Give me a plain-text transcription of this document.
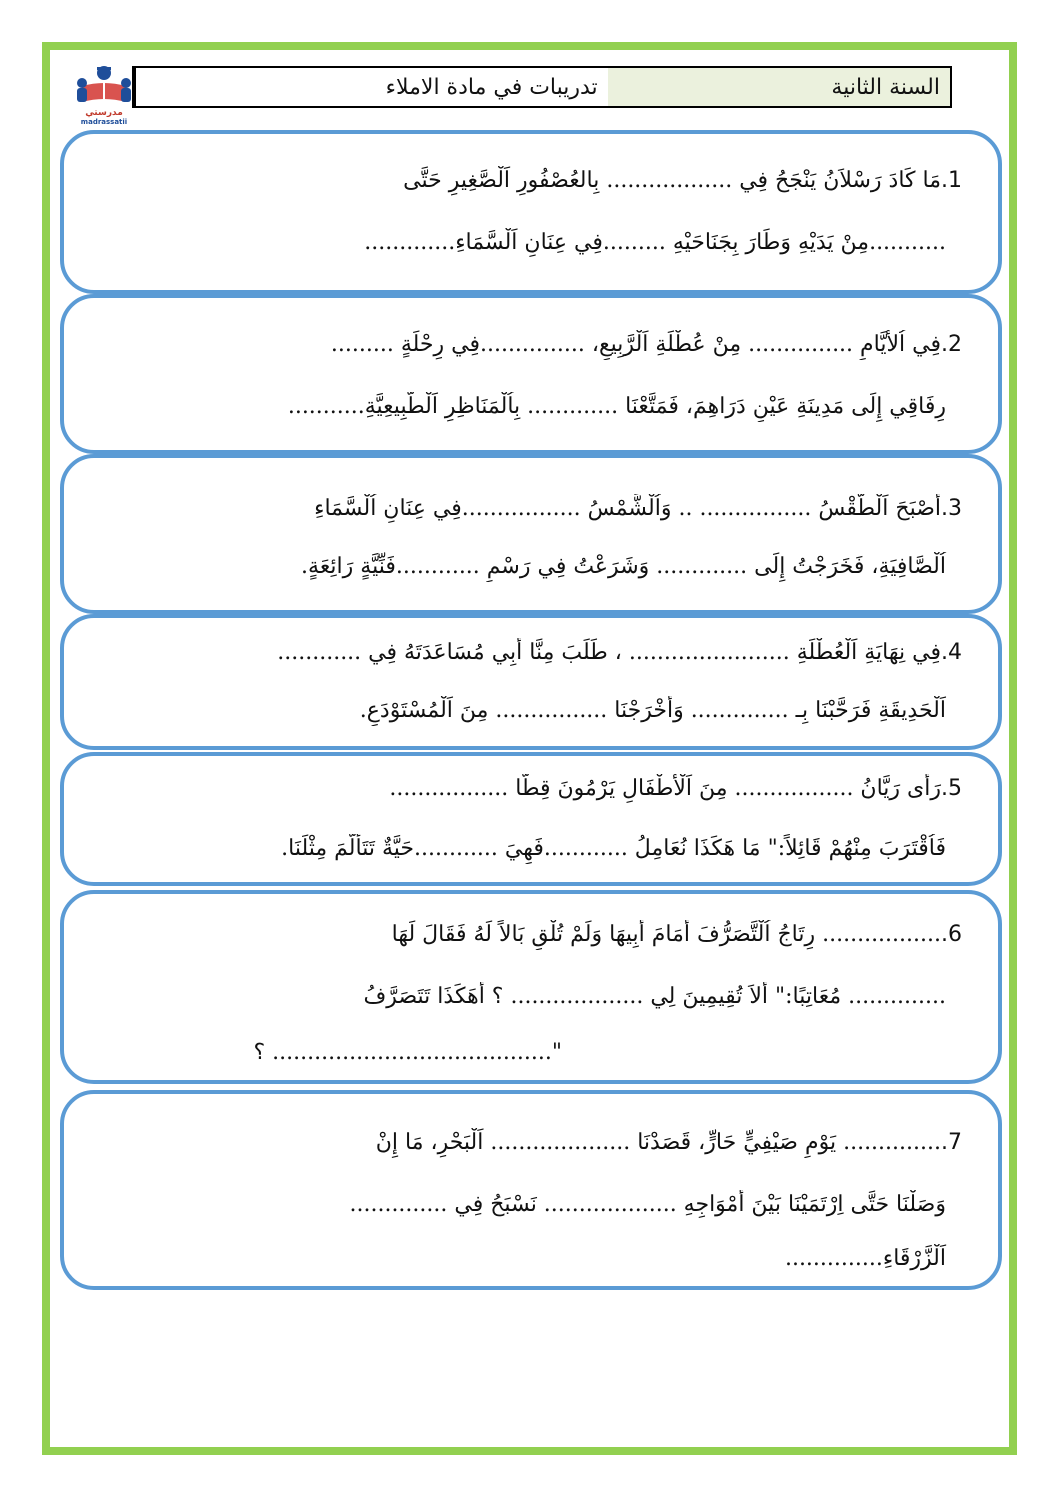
مدرستي
madrassatii
تدريبات في مادة الاملاء	السنة الثانية
1.مَا كَادَ رَسْلاَنُ يَنْجَحُ فِي .................. بِالعُصْفُورِ اَلْصَّغِيرِ حَتَّى
...........مِنْ يَدَيْهِ وَطَارَ بِجَنَاحَيْهِ .........فِي عِنَانِ اَلْسَّمَاءِ.............
2.فِي اُلأَيَّامِ ............... مِنْ عُطْلَةِ اَلْرَّبِيعِ، ...............فِي رِحْلَةٍ .........
رِفَاقِي إِلَى مَدِينَةِ عَيْنِ دَرَاهِمَ، فَمَتَّعْنَا ............. بِاُلْمَنَاظِرِ اَلْطَّبِيعِيَّةِ...........
3.أَصْبَحَ اَلْطَّقْسُ ................ .. وَاُلْشَّمْسُ .................فِي عِنَانِ اُلْسَّمَاءِ
اُلْصَّافِيَةِ، فَخَرَجْتُ إِلَى ............. وَشَرَعْتُ فِي رَسْمِ ............فَنِّيَّةٍ رَائِعَةٍ.
4.فِي نِهَايَةِ اَلْعُطْلَةِ ....................... ، طَلَبَ مِنَّا أَبِي مُسَاعَدَتَهُ فِي ............
اَلْحَدِيقَةِ فَرَحَّبْنَا بِـ .............. وَأَخْرَجْنَا ................ مِنَ اَلْمُسْتَوْدَعِ.
5.رَأَى رَيَّانُ ................. مِنَ اَلْأَطْفَالِ يَرْمُونَ قِطًّا .................
فَاُقْتَرَبَ مِنْهُمْ قَائِلاً:" مَا هَكَذَا نُعَامِلُ ............فَهِيَ ............حَيَّةٌ تَتَأَلَّمَ مِثْلَنَا.
6.................. رِتَاجُ اُلْتَّصَرُّفَ أَمَامَ أَبِيهَا وَلَمْ تُلْقِ بَالاً لَهُ فَقَالَ لَهَا
.............. مُعَاتِبًا:" أَلاَ تُقِيمِينَ لِي ................... ؟ أَهَكَذَا تَتَصَرَّفُ
"........................................ ؟
7............... يَوْمٍ صَيْفِيٍّ حَارٍّ، قَصَدْنَا .................... اَلْبَحْرِ، مَا إِنْ
وَصَلْنَا حَتَّى اِرْتَمَيْنَا بَيْنَ أَمْوَاجِهِ ................... نَسْبَحُ فِي ..............
اَلْزَّرْقَاءِ..............
